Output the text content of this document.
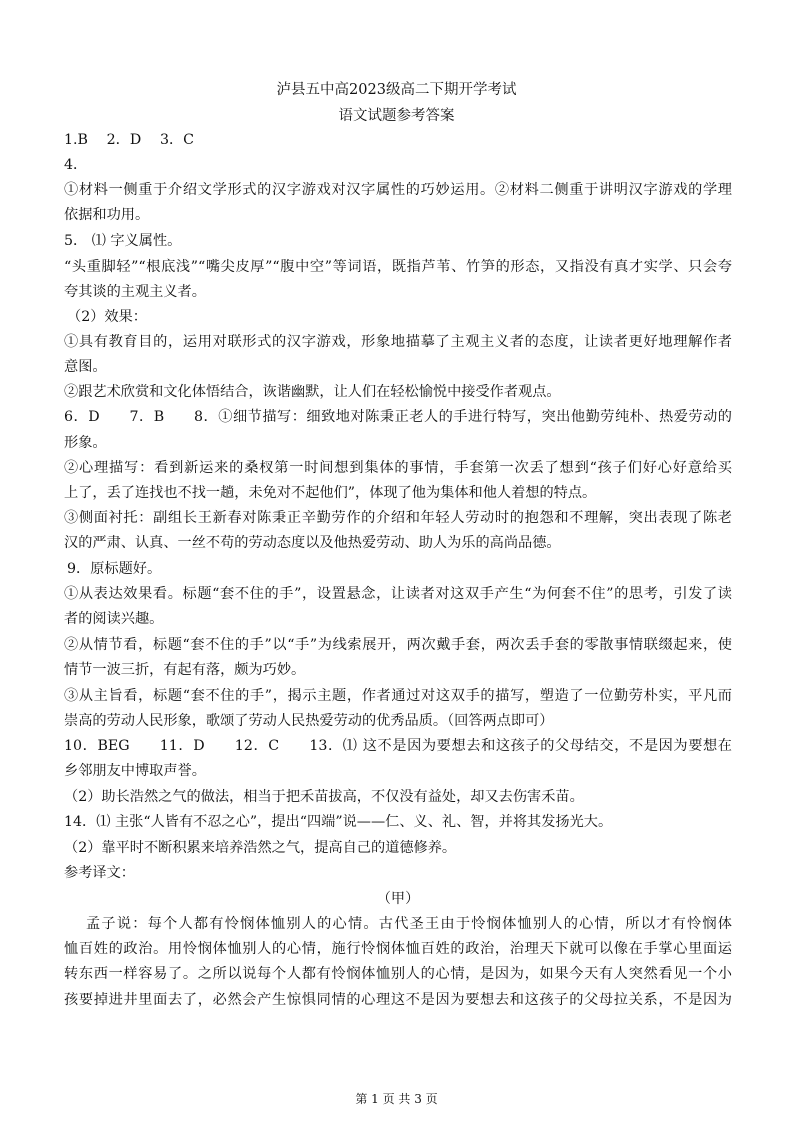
泸县五中高2023级高二下期开学考试
语文试题参考答案
1.B　 2．D　 3．C
4．
①材料一侧重于介绍文学形式的汉字游戏对汉字属性的巧妙运用。②材料二侧重于讲明汉字游戏的学理
依据和功用。
5． ⑴ 字义属性。
“头重脚轻”“根底浅”“嘴尖皮厚”“腹中空”等词语，既指芦苇、竹笋的形态，又指没有真才实学、只会夸
夸其谈的主观主义者。
（2）效果：
①具有教育目的，运用对联形式的汉字游戏，形象地描摹了主观主义者的态度，让读者更好地理解作者
意图。
②跟艺术欣赏和文化体悟结合，诙谐幽默，让人们在轻松愉悦中接受作者观点。
6．D　　7．B　　8．①细节描写：细致地对陈秉正老人的手进行特写，突出他勤劳纯朴、热爱劳动的
形象。
②心理描写：看到新运来的桑杈第一时间想到集体的事情，手套第一次丢了想到“孩子们好心好意给买
上了，丢了连找也不找一趟，未免对不起他们”，体现了他为集体和他人着想的特点。
③侧面衬托：副组长王新春对陈秉正辛勤劳作的介绍和年轻人劳动时的抱怨和不理解，突出表现了陈老
汉的严肃、认真、一丝不苟的劳动态度以及他热爱劳动、助人为乐的高尚品德。
9．原标题好。
①从表达效果看。标题“套不住的手”，设置悬念，让读者对这双手产生“为何套不住”的思考，引发了读
者的阅读兴趣。
②从情节看，标题“套不住的手”以“手”为线索展开，两次戴手套，两次丢手套的零散事情联缀起来，使
情节一波三折，有起有落，颇为巧妙。
③从主旨看，标题“套不住的手”，揭示主题，作者通过对这双手的描写，塑造了一位勤劳朴实，平凡而
崇高的劳动人民形象，歌颂了劳动人民热爱劳动的优秀品质。（回答两点即可）
10．BEG　　11．D　　12．C　　13．⑴ 这不是因为要想去和这孩子的父母结交，不是因为要想在
乡邻朋友中博取声誉。
（2）助长浩然之气的做法，相当于把禾苗拔高，不仅没有益处，却又去伤害禾苗。
14．⑴ 主张“人皆有不忍之心”，提出“四端”说——仁、义、礼、智，并将其发扬光大。
（2）靠平时不断积累来培养浩然之气，提高自己的道德修养。
参考译文：
（甲）
孟子说：每个人都有怜悯体恤别人的心情。古代圣王由于怜悯体恤别人的心情，所以才有怜悯体
恤百姓的政治。用怜悯体恤别人的心情，施行怜悯体恤百姓的政治，治理天下就可以像在手掌心里面运
转东西一样容易了。之所以说每个人都有怜悯体恤别人的心情，是因为，如果今天有人突然看见一个小
孩要掉进井里面去了，必然会产生惊惧同情的心理这不是因为要想去和这孩子的父母拉关系，不是因为
第 1 页 共 3 页
